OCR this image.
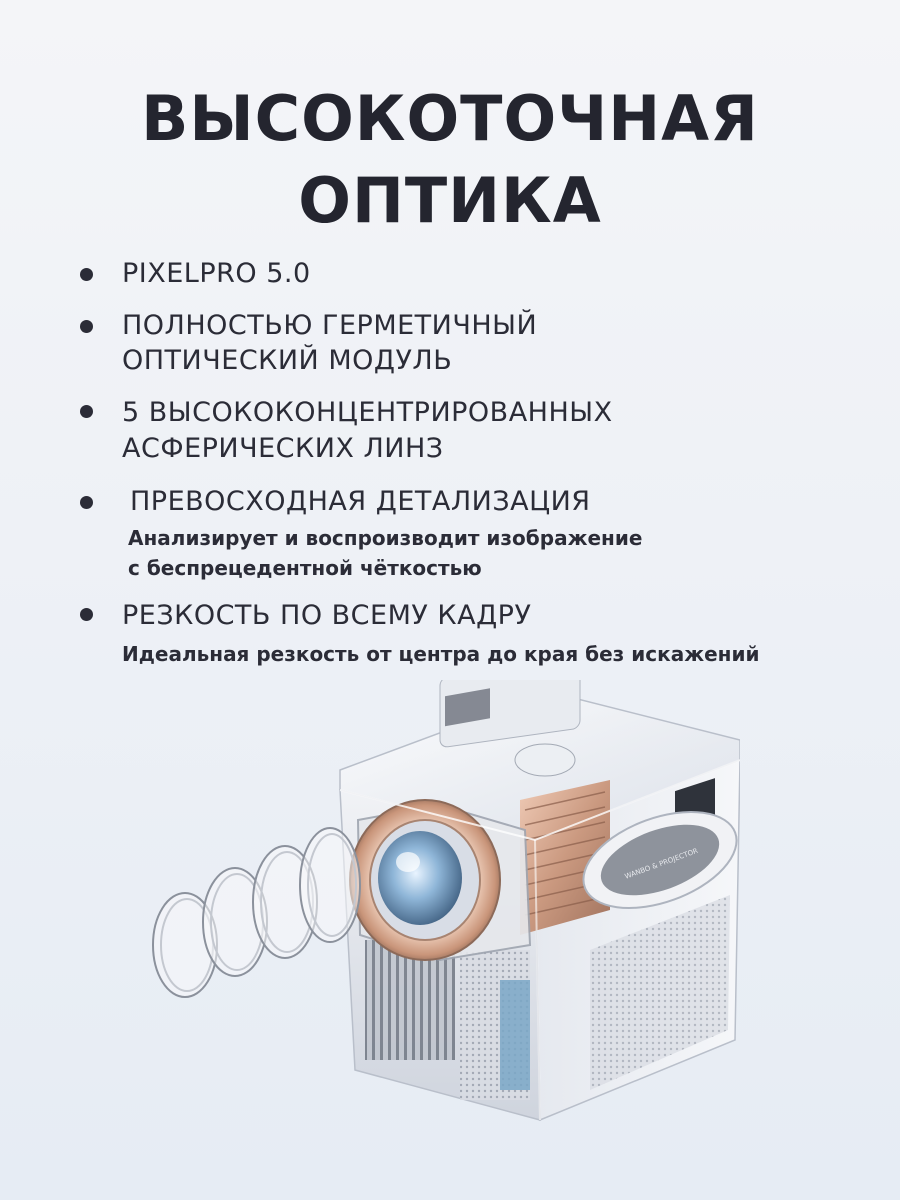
ВЫСОКОТОЧНАЯ
ОПТИКА
PIXELPRO 5.0
ПОЛНОСТЬЮ ГЕРМЕТИЧНЫЙ
ОПТИЧЕСКИЙ МОДУЛЬ
5 ВЫСОКОКОНЦЕНТРИРОВАННЫХ
АСФЕРИЧЕСКИХ ЛИНЗ
ПРЕВОСХОДНАЯ ДЕТАЛИЗАЦИЯ
Анализирует и воспроизводит изображение
с беспрецедентной чёткостью
РЕЗКОСТЬ ПО ВСЕМУ КАДРУ
Идеальная резкость от центра до края без искажений
WANBO & PROJECTOR
